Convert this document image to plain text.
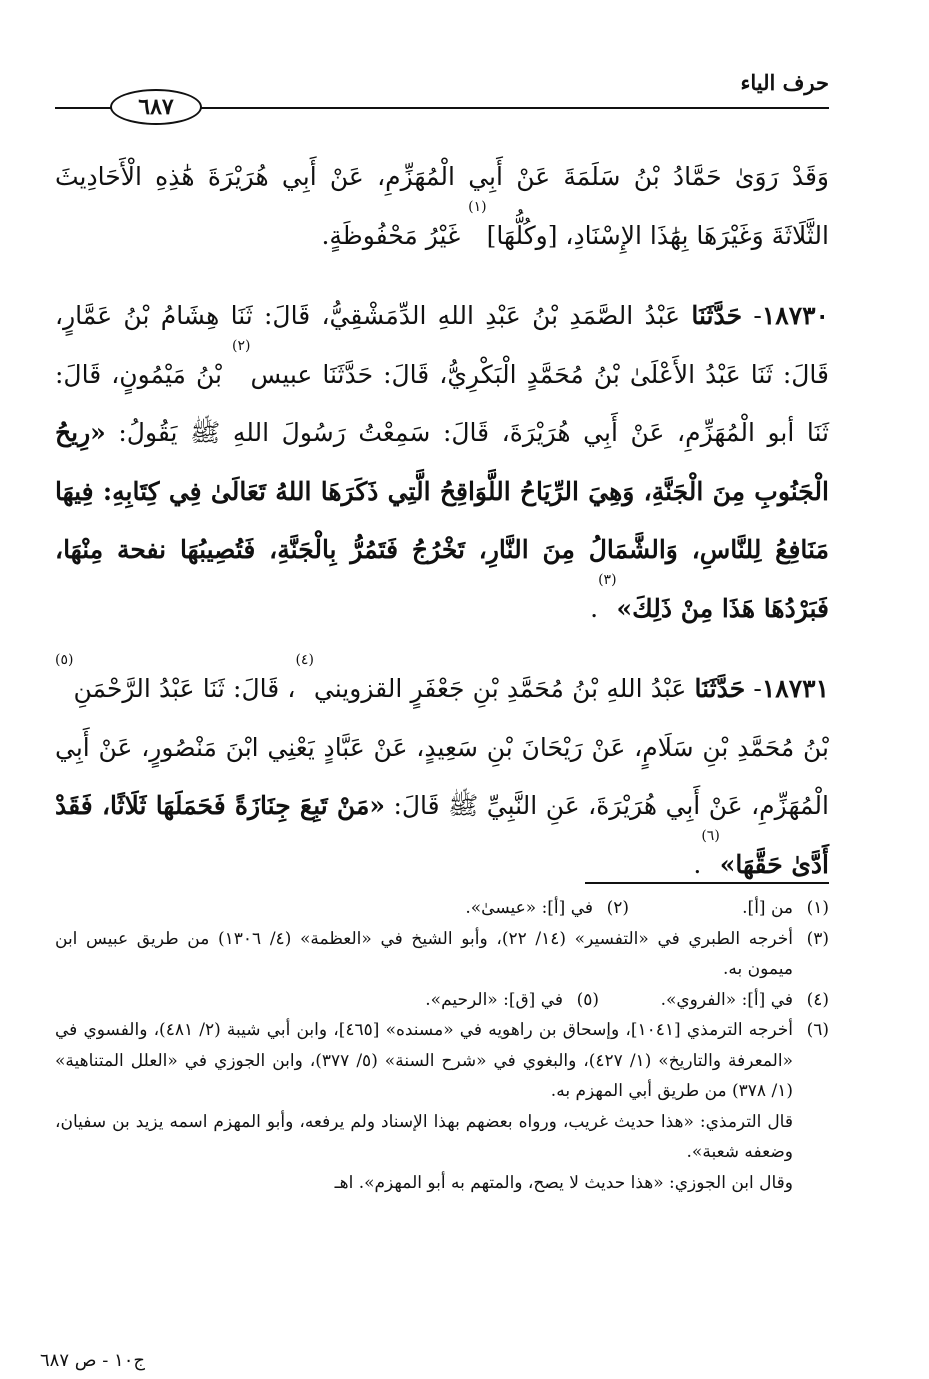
حرف الياء
٦٨٧

وَقَدْ رَوَىٰ حَمَّادُ بْنُ سَلَمَةَ عَنْ أَبِي الْمُهَزِّمِ، عَنْ أَبِي هُرَيْرَةَ هَٰذِهِ الْأَحَادِيثَ الثَّلَاثَةَ وَغَيْرَهَا بِهَٰذَا الإِسْنَادِ، [وكُلُّهَا]$^{(١)}$ غَيْرُ مَحْفُوظَةٍ.

١٨٧٣٠- حَدَّثَنَا عَبْدُ الصَّمَدِ بْنُ عَبْدِ اللهِ الدِّمَشْقِيُّ، قَالَ: ثَنَا هِشَامُ بْنُ عَمَّارٍ، قَالَ: ثَنَا عَبْدُ الأَعْلَىٰ بْنُ مُحَمَّدٍ الْبَكْرِيُّ، قَالَ: حَدَّثَنَا عبيس$^{(٢)}$ بْنُ مَيْمُونٍ، قَالَ: ثَنَا أبو الْمُهَزِّمِ، عَنْ أَبِي هُرَيْرَةَ، قَالَ: سَمِعْتُ رَسُولَ اللهِ ﷺ يَقُولُ: «رِيحُ الْجَنُوبِ مِنَ الْجَنَّةِ، وَهِيَ الرِّيَاحُ اللَّوَاقِحُ الَّتِي ذَكَرَهَا اللهُ تَعَالَىٰ فِي كِتَابِهِ: فِيهَا مَنَافِعُ لِلنَّاسِ، وَالشَّمَالُ مِنَ النَّارِ، تَخْرُجُ فَتَمُرُّ بِالْجَنَّةِ، فَتُصِيبُهَا نفحة مِنْهَا، فَبَرْدُهَا هَذَا مِنْ ذَلِكَ»$^{(٣)}$.

١٨٧٣١- حَدَّثَنَا عَبْدُ اللهِ بْنُ مُحَمَّدِ بْنِ جَعْفَرٍ القزويني$^{(٤)}$، قَالَ: ثَنَا عَبْدُ الرَّحْمَنِ$^{(٥)}$ بْنُ مُحَمَّدِ بْنِ سَلَامٍ، عَنْ رَيْحَانَ بْنِ سَعِيدٍ، عَنْ عَبَّادٍ يَعْنِي ابْنَ مَنْصُورٍ، عَنْ أَبِي الْمُهَزِّمِ، عَنْ أَبِي هُرَيْرَةَ، عَنِ النَّبِيِّ ﷺ قَالَ: «مَنْ تَبِعَ جِنَازَةً فَحَمَلَهَا ثَلَاثًا، فَقَدْ أَدَّىٰ حَقَّهَا»$^{(٦)}$.

(١)
من [أ].
(٢)
في [أ]: «عيسىٰ».
(٣)
أخرجه الطبري في «التفسير» (١٤/ ٢٢)، وأبو الشيخ في «العظمة» (٤/ ١٣٠٦) من طريق عبيس ابن ميمون به.
(٤)
في [أ]: «الفروي».
(٥)
في [ق]: «الرحيم».
(٦)
أخرجه الترمذي [١٠٤١]، وإسحاق بن راهويه في «مسنده» [٤٦٥]، وابن أبي شيبة (٢/ ٤٨١)، والفسوي في «المعرفة والتاريخ» (١/ ٤٢٧)، والبغوي في «شرح السنة» (٥/ ٣٧٧)، وابن الجوزي في «العلل المتناهية» (١/ ٣٧٨) من طريق أبي المهزم به.
قال الترمذي: «هذا حديث غريب، ورواه بعضهم بهذا الإسناد ولم يرفعه، وأبو المهزم اسمه يزيد بن سفيان، وضعفه شعبة».
وقال ابن الجوزي: «هذا حديث لا يصح، والمتهم به أبو المهزم». اهـ
ج١٠ - ص ٦٨٧
